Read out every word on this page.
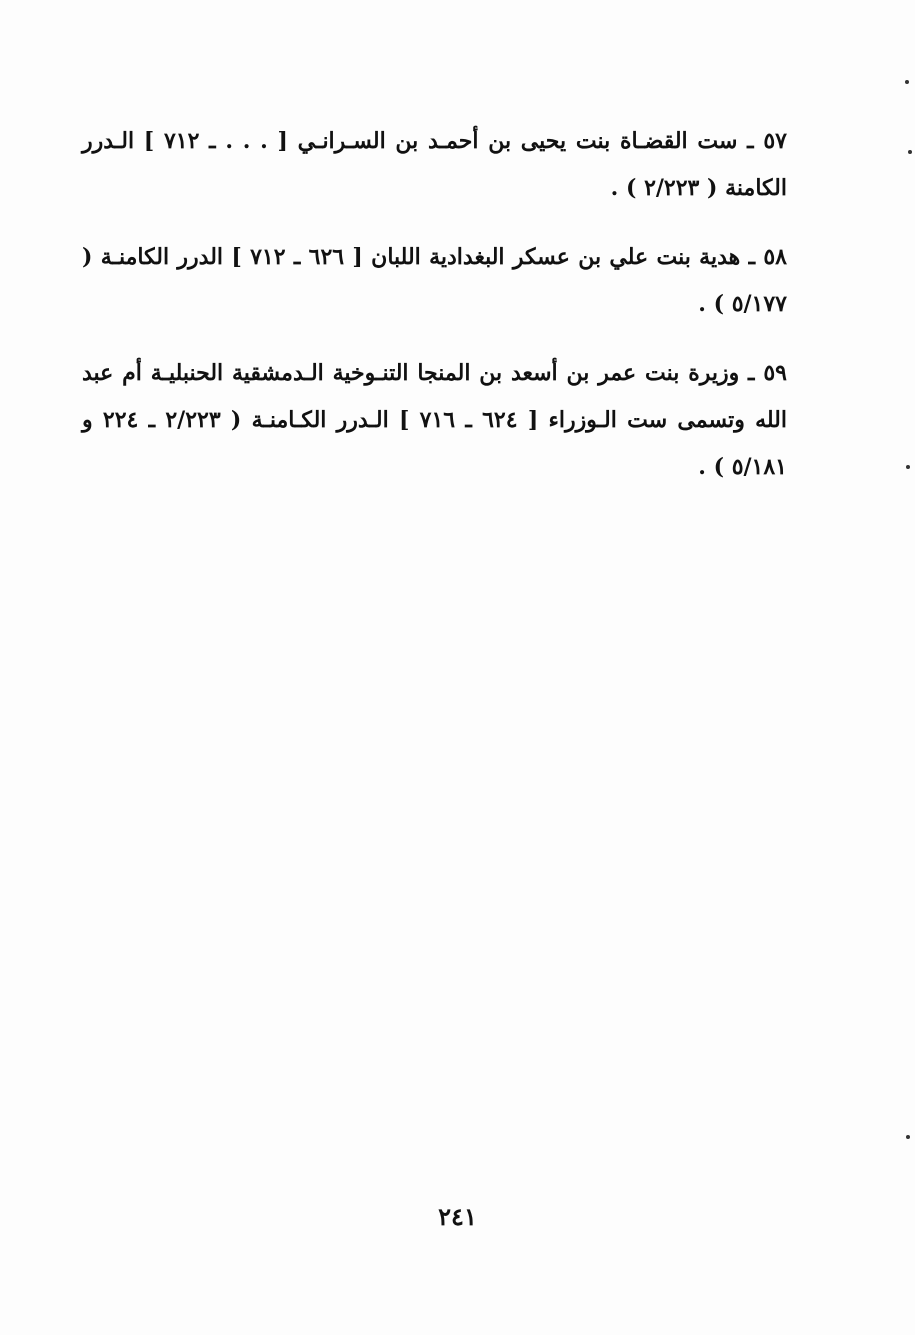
٥٧ ـ ست القضـاة بنت يحيى بن أحمـد بن السـرانـي [ . . . ـ ٧١٢ ] الـدرر الكامنة ( ٢/٢٢٣ ) .

٥٨ ـ هدية بنت علي بن عسكر البغدادية اللبان [ ٦٢٦ ـ ٧١٢ ] الدرر الكامنـة ( ٥/١٧٧ ) .

٥٩ ـ وزيرة بنت عمر بن أسعد بن المنجا التنـوخية الـدمشقية الحنبليـة أم عبد الله وتسمى ست الـوزراء [ ٦٢٤ ـ ٧١٦ ] الـدرر الكـامنـة ( ٢/٢٢٣ ـ ٢٢٤ و ٥/١٨١ ) .

٢٤١
